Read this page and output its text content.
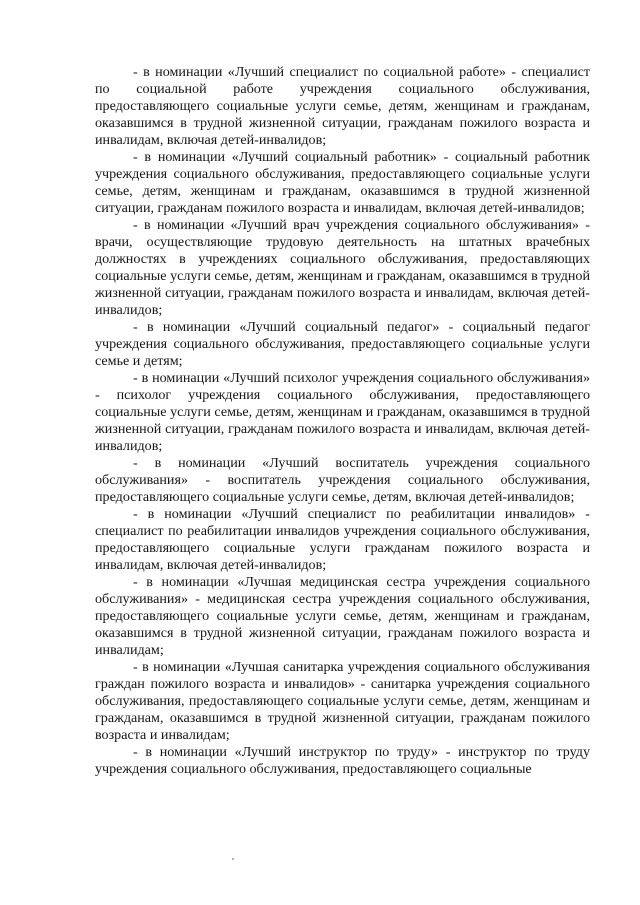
- в номинации «Лучший специалист по социальной работе» - специалист по социальной работе учреждения социального обслуживания, предоставляющего социальные услуги семье, детям, женщинам и гражданам, оказавшимся в трудной жизненной ситуации, гражданам пожилого возраста и инвалидам, включая детей-инвалидов;

- в номинации «Лучший социальный работник» - социальный работник учреждения социального обслуживания, предоставляющего социальные услуги семье, детям, женщинам и гражданам, оказавшимся в трудной жизненной ситуации, гражданам пожилого возраста и инвалидам, включая детей-инвалидов;

- в номинации «Лучший врач учреждения социального обслуживания» - врачи, осуществляющие трудовую деятельность на штатных врачебных должностях в учреждениях социального обслуживания, предоставляющих социальные услуги семье, детям, женщинам и гражданам, оказавшимся в трудной жизненной ситуации, гражданам пожилого возраста и инвалидам, включая детей-инвалидов;

- в номинации «Лучший социальный педагог» - социальный педагог учреждения социального обслуживания, предоставляющего социальные услуги семье и детям;

- в номинации «Лучший психолог учреждения социального обслуживания» - психолог учреждения социального обслуживания, предоставляющего социальные услуги семье, детям, женщинам и гражданам, оказавшимся в трудной жизненной ситуации, гражданам пожилого возраста и инвалидам, включая детей-инвалидов;

- в номинации «Лучший воспитатель учреждения социального обслуживания» - воспитатель учреждения социального обслуживания, предоставляющего социальные услуги семье, детям, включая детей-инвалидов;

- в номинации «Лучший специалист по реабилитации инвалидов» - специалист по реабилитации инвалидов учреждения социального обслуживания, предоставляющего социальные услуги гражданам пожилого возраста и инвалидам, включая детей-инвалидов;

- в номинации «Лучшая медицинская сестра учреждения социального обслуживания» - медицинская сестра учреждения социального обслуживания, предоставляющего социальные услуги семье, детям, женщинам и гражданам, оказавшимся в трудной жизненной ситуации, гражданам пожилого возраста и инвалидам;

- в номинации «Лучшая санитарка учреждения социального обслуживания граждан пожилого возраста и инвалидов» - санитарка учреждения социального обслуживания, предоставляющего социальные услуги семье, детям, женщинам и гражданам, оказавшимся в трудной жизненной ситуации, гражданам пожилого возраста и инвалидам;

- в номинации «Лучший инструктор по труду» - инструктор по труду учреждения социального обслуживания, предоставляющего социальные
